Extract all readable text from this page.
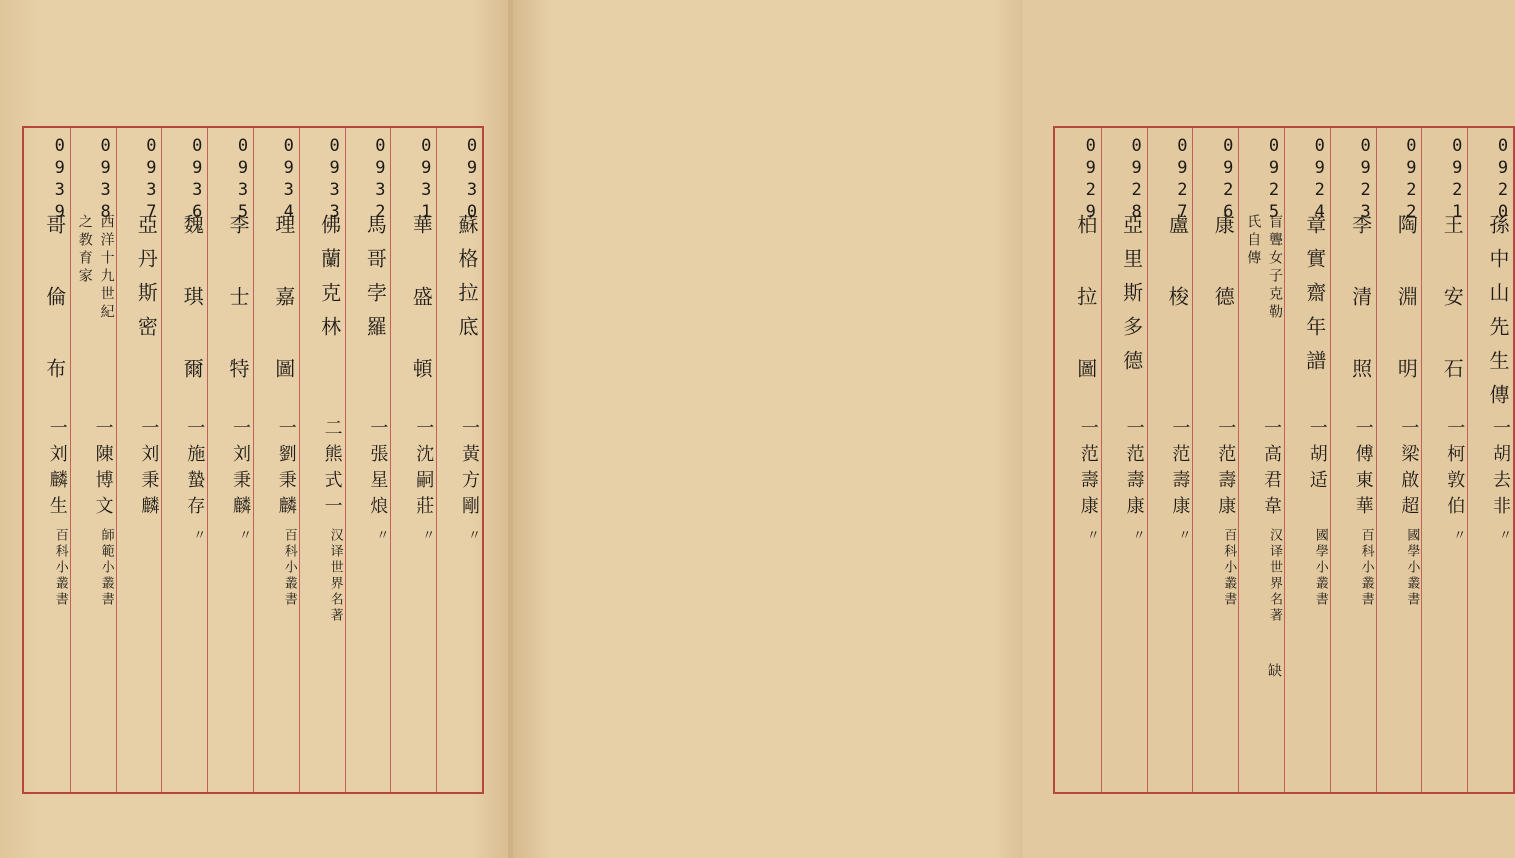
0939
哥 倫 布
一刘麟生
百科小叢書
0938
西洋十九世紀
之教育家
一陳博文
師範小叢書
0937
亞丹斯密
一刘秉麟
0936
魏 琪 爾
一施蟄存
〃
0935
李 士 特
一刘秉麟
〃
0934
理 嘉 圖
一劉秉麟
百科小叢書
0933
佛蘭克林
二熊式一
汉译世界名著
0932
馬哥孛羅
一張星烺
〃
0931
華 盛 頓
一沈嗣莊
〃
0930
蘇格拉底
一黃方剛
〃
0929
柏 拉 圖
一范壽康
〃
0928
亞里斯多德
一范壽康
〃
0927
盧 梭
一范壽康
〃
0926
康 德
一范壽康
百科小叢書
0925
盲聾女子克勒
氏自傳
一高君韋
汉译世界名著
缺
0924
章實齋年譜
一胡适
國學小叢書
0923
李 清 照
一傅東華
百科小叢書
0922
陶 淵 明
一梁啟超
國學小叢書
0921
王 安 石
一柯敦伯
〃
0920
孫中山先生傳
一胡去非
〃
